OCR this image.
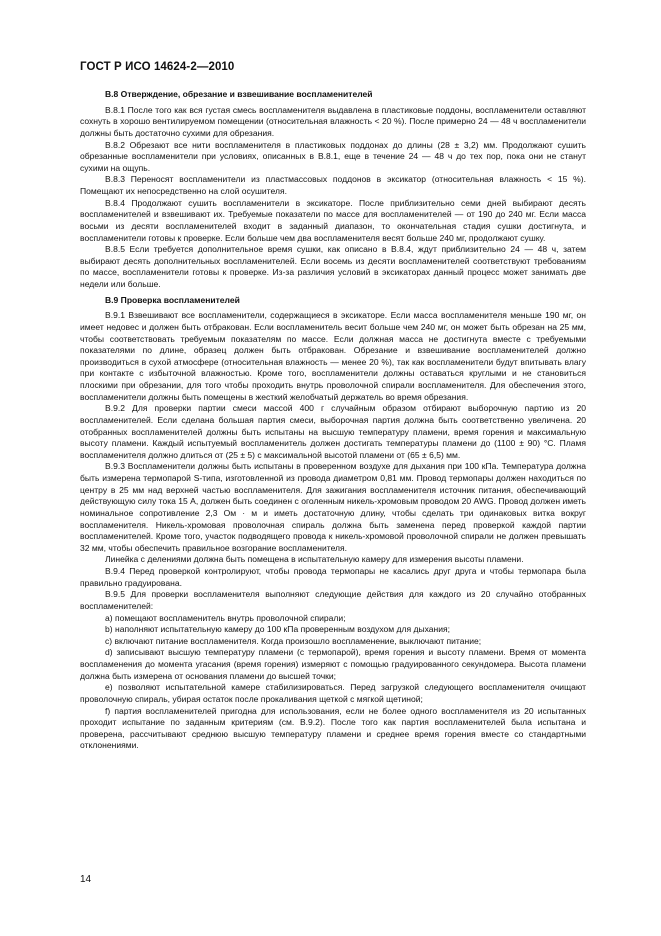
ГОСТ Р ИСО 14624-2—2010
В.8 Отверждение, обрезание и взвешивание воспламенителей

В.8.1 После того как вся густая смесь воспламенителя выдавлена в пластиковые поддоны, воспламенители оставляют сохнуть в хорошо вентилируемом помещении (относительная влажность < 20 %). После примерно 24 — 48 ч воспламенители должны быть достаточно сухими для обрезания.

В.8.2 Обрезают все нити воспламенителя в пластиковых поддонах до длины (28 ± 3,2) мм. Продолжают сушить обрезанные воспламенители при условиях, описанных в В.8.1, еще в течение 24 — 48 ч до тех пор, пока они не станут сухими на ощупь.

В.8.3 Переносят воспламенители из пластмассовых поддонов в эксикатор (относительная влажность < 15 %). Помещают их непосредственно на слой осушителя.

В.8.4 Продолжают сушить воспламенители в эксикаторе. После приблизительно семи дней выбирают десять воспламенителей и взвешивают их. Требуемые показатели по массе для воспламенителей — от 190 до 240 мг. Если масса восьми из десяти воспламенителей входит в заданный диапазон, то окончательная стадия сушки достигнута, и воспламенители готовы к проверке. Если больше чем два воспламенителя весят больше 240 мг, продолжают сушку.

В.8.5 Если требуется дополнительное время сушки, как описано в В.8.4, ждут приблизительно 24 — 48 ч, затем выбирают десять дополнительных воспламенителей. Если восемь из десяти воспламенителей соответствуют требованиям по массе, воспламенители готовы к проверке. Из-за различия условий в эксикаторах данный процесс может занимать две недели или больше.

В.9 Проверка воспламенителей

В.9.1 Взвешивают все воспламенители, содержащиеся в эксикаторе. Если масса воспламенителя меньше 190 мг, он имеет недовес и должен быть отбракован. Если воспламенитель весит больше чем 240 мг, он может быть обрезан на 25 мм, чтобы соответствовать требуемым показателям по массе. Если должная масса не достигнута вместе с требуемыми показателями по длине, образец должен быть отбракован. Обрезание и взвешивание воспламенителей должно производиться в сухой атмосфере (относительная влажность — менее 20 %), так как воспламенители будут впитывать влагу при контакте с избыточной влажностью. Кроме того, воспламенители должны оставаться круглыми и не становиться плоскими при обрезании, для того чтобы проходить внутрь проволочной спирали воспламенителя. Для обеспечения этого, воспламенители должны быть помещены в жесткий желобчатый держатель во время обрезания.

В.9.2 Для проверки партии смеси массой 400 г случайным образом отбирают выборочную партию из 20 воспламенителей. Если сделана большая партия смеси, выборочная партия должна быть соответственно увеличена. 20 отобранных воспламенителей должны быть испытаны на высшую температуру пламени, время горения и максимальную высоту пламени. Каждый испытуемый воспламенитель должен достигать температуры пламени до (1100 ± 90) °С. Пламя воспламенителя должно длиться от (25 ± 5) с максимальной высотой пламени от (65 ± 6,5) мм.

В.9.3 Воспламенители должны быть испытаны в проверенном воздухе для дыхания при 100 кПа. Температура должна быть измерена термопарой S-типа, изготовленной из провода диаметром 0,81 мм. Провод термопары должен находиться по центру в 25 мм над верхней частью воспламенителя. Для зажигания воспламенителя источник питания, обеспечивающий действующую силу тока 15 А, должен быть соединен с оголенным никель-хромовым проводом 20 AWG. Провод должен иметь номинальное сопротивление 2,3 Ом · м и иметь достаточную длину, чтобы сделать три одинаковых витка вокруг воспламенителя. Никель-хромовая проволочная спираль должна быть заменена перед проверкой каждой партии воспламенителей. Кроме того, участок подводящего провода к никель-хромовой проволочной спирали не должен превышать 32 мм, чтобы обеспечить правильное возгорание воспламенителя.

Линейка с делениями должна быть помещена в испытательную камеру для измерения высоты пламени.

В.9.4 Перед проверкой контролируют, чтобы провода термопары не касались друг друга и чтобы термопара была правильно градуирована.

В.9.5 Для проверки воспламенителя выполняют следующие действия для каждого из 20 случайно отобранных воспламенителей:

a) помещают воспламенитель внутрь проволочной спирали;

b) наполняют испытательную камеру до 100 кПа проверенным воздухом для дыхания;

c) включают питание воспламенителя. Когда произошло воспламенение, выключают питание;

d) записывают высшую температуру пламени (с термопарой), время горения и высоту пламени. Время от момента воспламенения до момента угасания (время горения) измеряют с помощью градуированного секундомера. Высота пламени должна быть измерена от основания пламени до высшей точки;

e) позволяют испытательной камере стабилизироваться. Перед загрузкой следующего воспламенителя очищают проволочную спираль, убирая остаток после прокаливания щеткой с мягкой щетиной;

f) партия воспламенителей пригодна для использования, если не более одного воспламенителя из 20 испытанных проходит испытание по заданным критериям (см. В.9.2). После того как партия воспламенителей была испытана и проверена, рассчитывают среднюю высшую температуру пламени и среднее время горения вместе со стандартными отклонениями.

14
